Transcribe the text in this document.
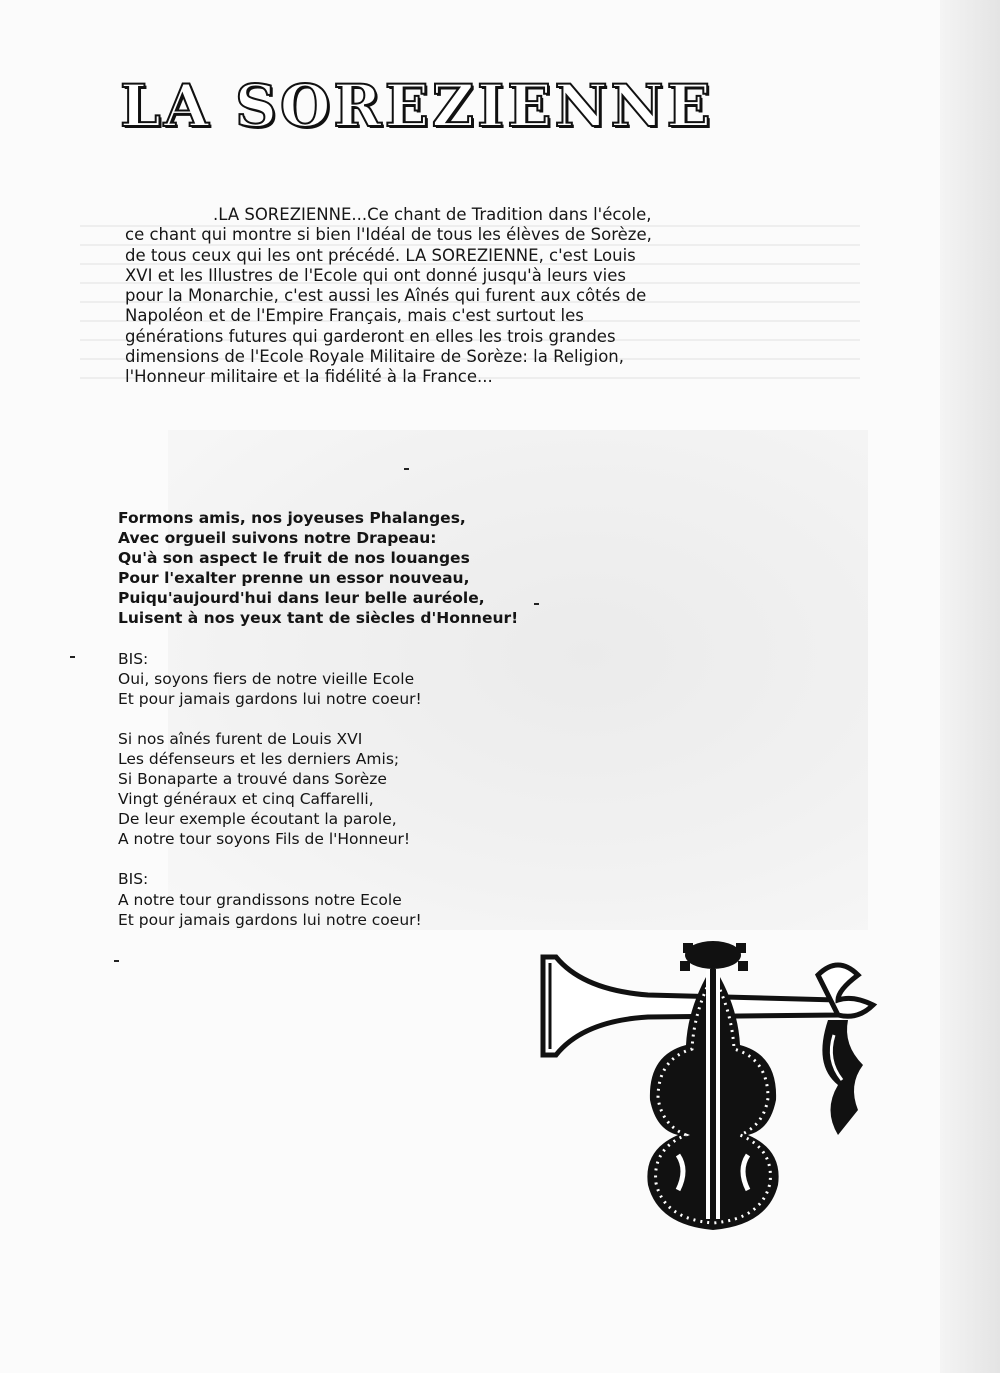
LA SOREZIENNE
.LA SOREZIENNE...Ce chant de Tradition dans l'école, ce chant qui montre si bien l'Idéal de tous les élèves de Sorèze, de tous ceux qui les ont précédé. LA SOREZIENNE, c'est Louis XVI et les Illustres de l'Ecole qui ont donné jusqu'à leurs vies pour la Monarchie, c'est aussi les Aînés qui furent aux côtés de Napoléon et de l'Empire Français, mais c'est surtout les générations futures qui garderont en elles les trois grandes dimensions de l'Ecole Royale Militaire de Sorèze: la Religion, l'Honneur militaire et la fidélité à la France...
Formons amis, nos joyeuses Phalanges,
Avec orgueil suivons notre Drapeau:
Qu'à son aspect le fruit de nos louanges
Pour l'exalter prenne un essor nouveau,
Puiqu'aujourd'hui dans leur belle auréole,
Luisent à nos yeux tant de siècles d'Honneur!
BIS:
Oui, soyons fiers de notre vieille Ecole
Et pour jamais gardons lui notre coeur!
Si nos aînés furent de Louis XVI
Les défenseurs et les derniers Amis;
Si Bonaparte a trouvé dans Sorèze
Vingt généraux et cinq Caffarelli,
De leur exemple écoutant la parole,
A notre tour soyons Fils de l'Honneur!
BIS:
A notre tour grandissons notre Ecole
Et pour jamais gardons lui notre coeur!
